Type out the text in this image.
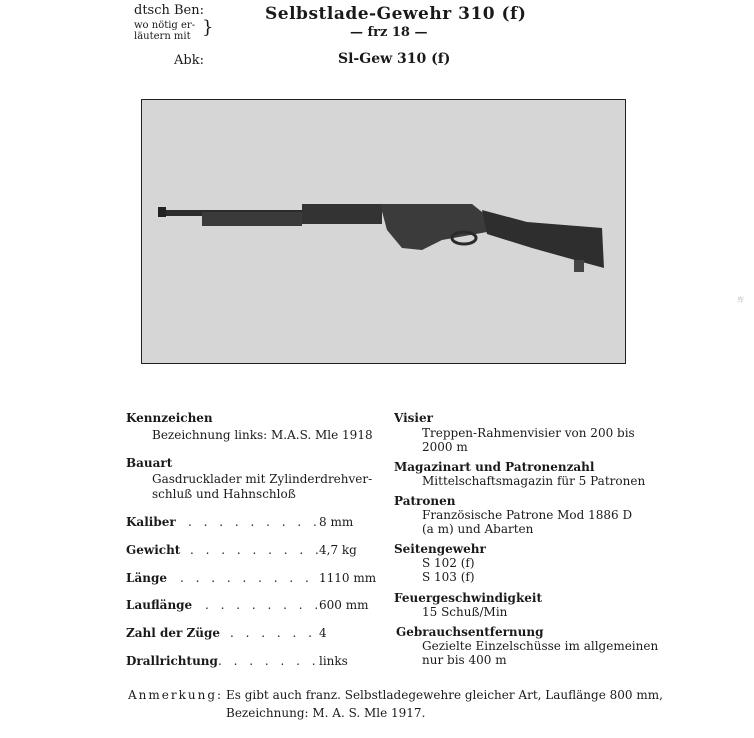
dtsch Ben:
wo nötig er-
läutern mit }
Selbstlade-Gewehr 310 (f)
— frz 18 —
Abk:	Sl-Gew 310 (f)
Kennzeichen
Bezeichnung links: M.A.S. Mle 1918
Bauart
Gasdrucklader mit Zylinderdrehver-
schluß und Hahnschloß
Kaliber . . . . . . . . .
8 mm
Gewicht . . . . . . . . .
4,7 kg
Länge . . . . . . . . . .
1110 mm
Lauflänge . . . . . . . .
600 mm
Zahl der Züge . . . . . . 4
Drallrichtung . . . . . . . links
Visier
Treppen-Rahmenvisier von 200 bis
2000 m
Magazinart und Patronenzahl
Mittelschaftsmagazin für 5 Patronen
Patronen
Französische Patrone Mod 1886 D
(a m) und Abarten
Seitengewehr
S 102 (f)
S 103 (f)
Feuergeschwindigkeit
15 Schuß/Min
Gebrauchsentfernung
Gezielte Einzelschüsse im allgemeinen
nur bis 400 m
Anmerkung: Es gibt auch franz. Selbstladegewehre gleicher Art, Lauflänge 800 mm,
Bezeichnung: M. A. S. Mle 1917.
库
